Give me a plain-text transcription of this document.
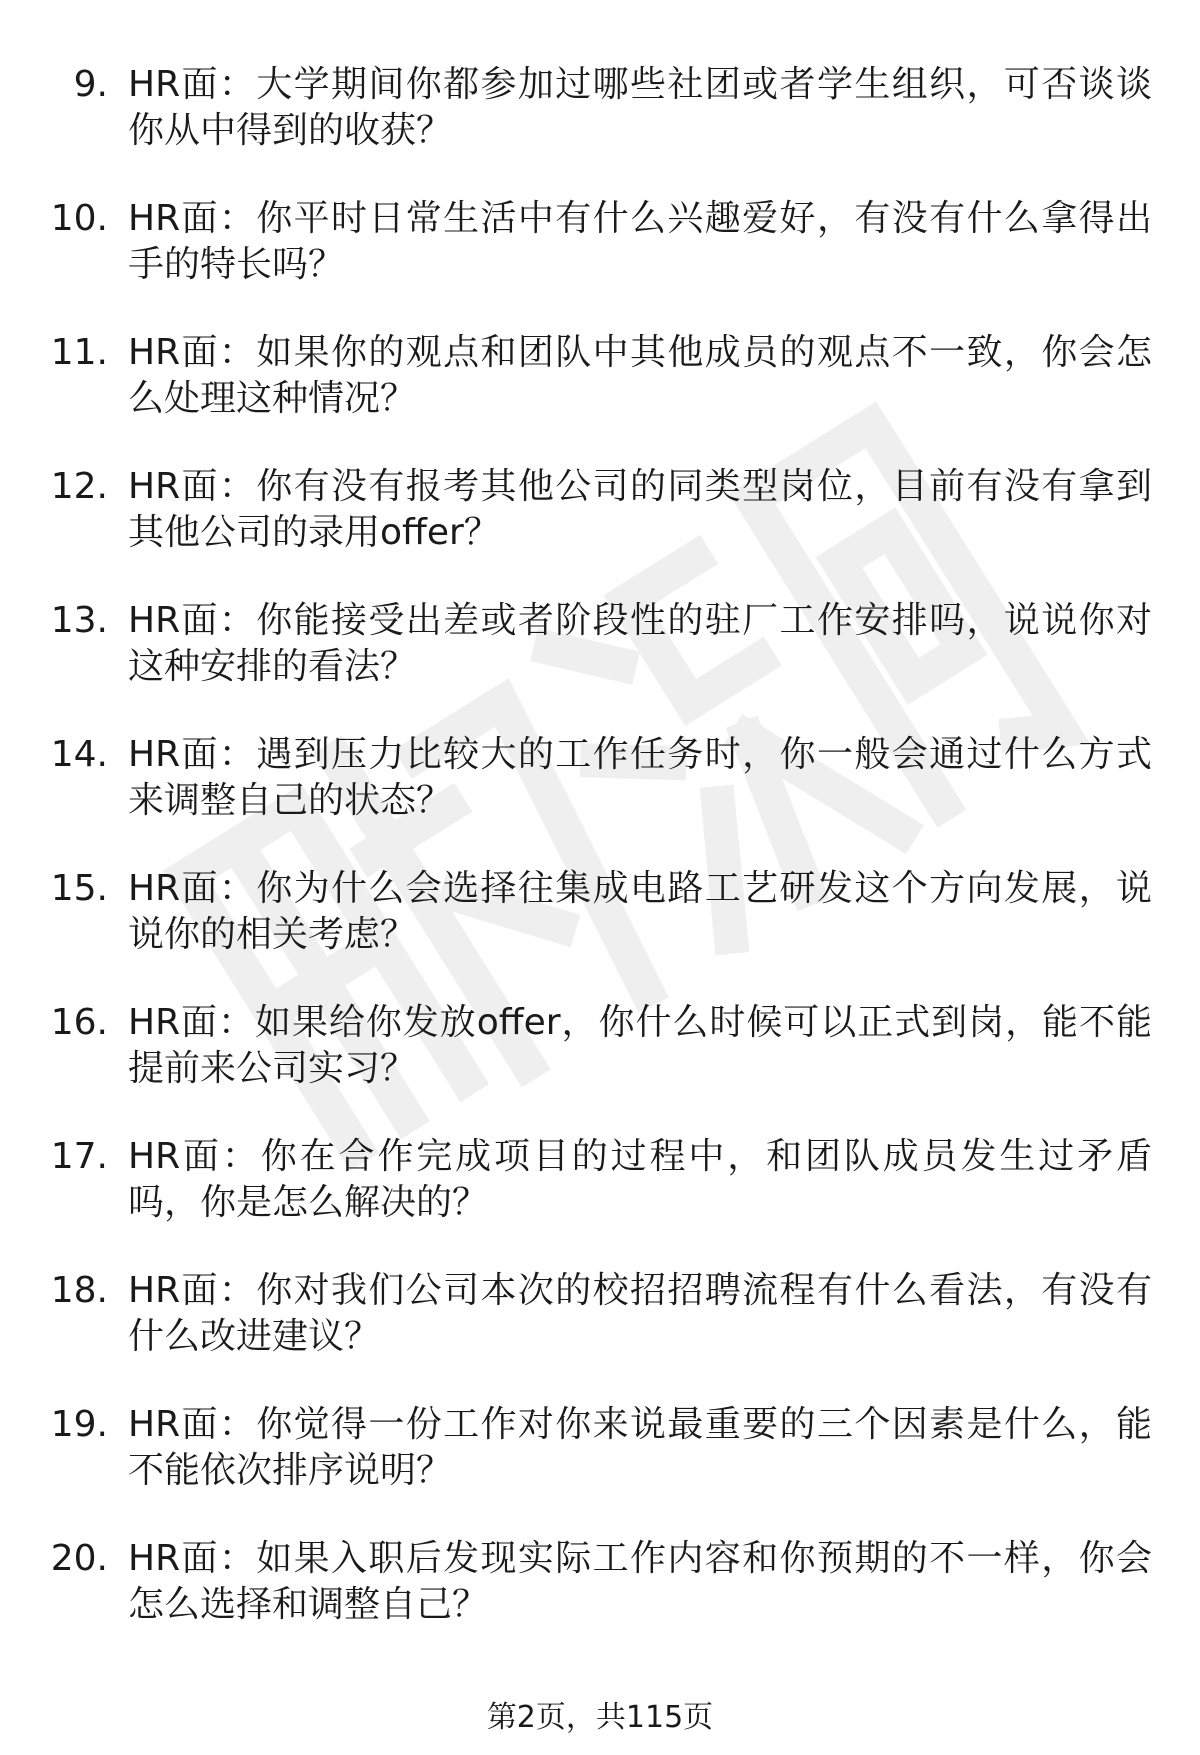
9. HR面：大学期间你都参加过哪些社团或者学生组织，可否谈谈你从中得到的收获？
10. HR面：你平时日常生活中有什么兴趣爱好，有没有什么拿得出手的特长吗？
11. HR面：如果你的观点和团队中其他成员的观点不一致，你会怎么处理这种情况？
12. HR面：你有没有报考其他公司的同类型岗位，目前有没有拿到其他公司的录用offer？
13. HR面：你能接受出差或者阶段性的驻厂工作安排吗，说说你对这种安排的看法？
14. HR面：遇到压力比较大的工作任务时，你一般会通过什么方式来调整自己的状态？
15. HR面：你为什么会选择往集成电路工艺研发这个方向发展，说说你的相关考虑？
16. HR面：如果给你发放offer，你什么时候可以正式到岗，能不能提前来公司实习？
17. HR面：你在合作完成项目的过程中，和团队成员发生过矛盾吗，你是怎么解决的？
18. HR面：你对我们公司本次的校招招聘流程有什么看法，有没有什么改进建议？
19. HR面：你觉得一份工作对你来说最重要的三个因素是什么，能不能依次排序说明？
20. HR面：如果入职后发现实际工作内容和你预期的不一样，你会怎么选择和调整自己？
第2页，共115页
